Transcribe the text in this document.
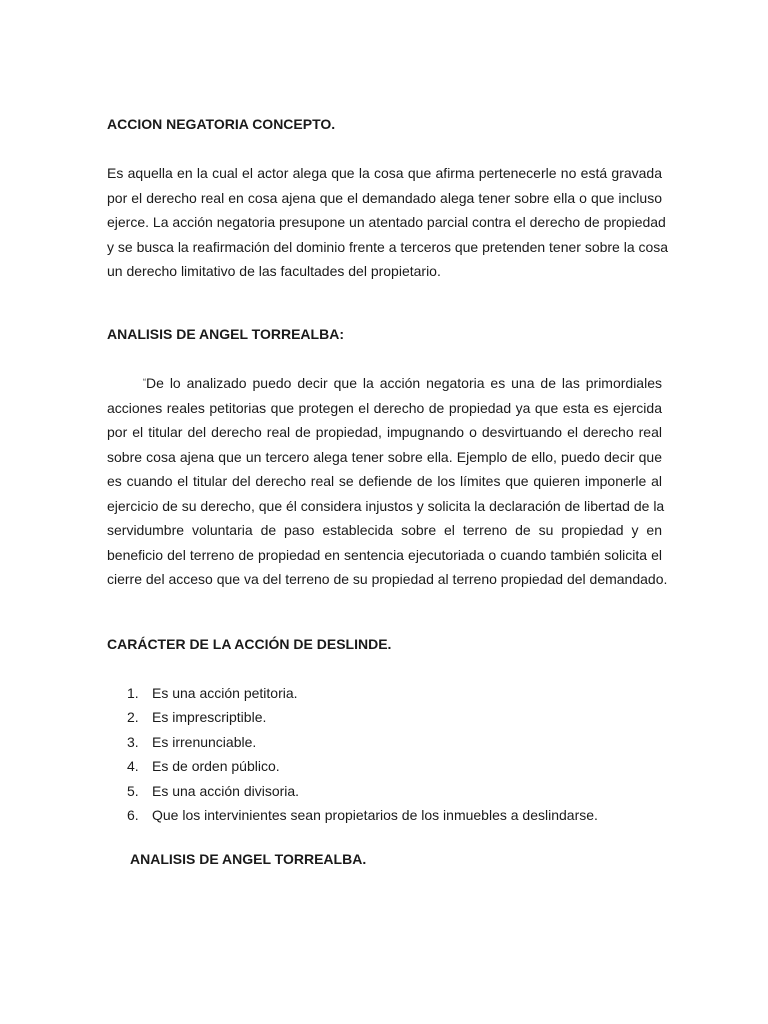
ACCION NEGATORIA CONCEPTO.
Es aquella en la cual el actor alega que la cosa que afirma pertenecerle no está gravada
por el derecho real en cosa ajena que el demandado alega tener sobre ella o que incluso
ejerce. La acción negatoria presupone un atentado parcial contra el derecho de propiedad
y se busca la reafirmación del dominio frente a terceros que pretenden tener sobre la cosa
un derecho limitativo de las facultades del propietario.
ANALISIS DE ANGEL TORREALBA:
“De lo analizado puedo decir que la acción negatoria es una de las primordiales
acciones reales petitorias que protegen el derecho de propiedad ya que esta es ejercida
por el titular del derecho real de propiedad, impugnando o desvirtuando el derecho real
sobre cosa ajena que un tercero alega tener sobre ella. Ejemplo de ello, puedo decir que
es cuando el titular del derecho real se defiende de los límites que quieren imponerle al
ejercicio de su derecho, que él considera injustos y solicita la declaración de libertad de la
servidumbre voluntaria de paso establecida sobre el terreno de su propiedad y en
beneficio del terreno de propiedad en sentencia ejecutoriada o cuando también solicita el
cierre del acceso que va del terreno de su propiedad al terreno propiedad del demandado.
CARÁCTER DE LA ACCIÓN DE DESLINDE.
1. Es una acción petitoria.
2. Es imprescriptible.
3. Es irrenunciable.
4. Es de orden público.
5. Es una acción divisoria.
6. Que los intervinientes sean propietarios de los inmuebles a deslindarse.
ANALISIS DE ANGEL TORREALBA.
